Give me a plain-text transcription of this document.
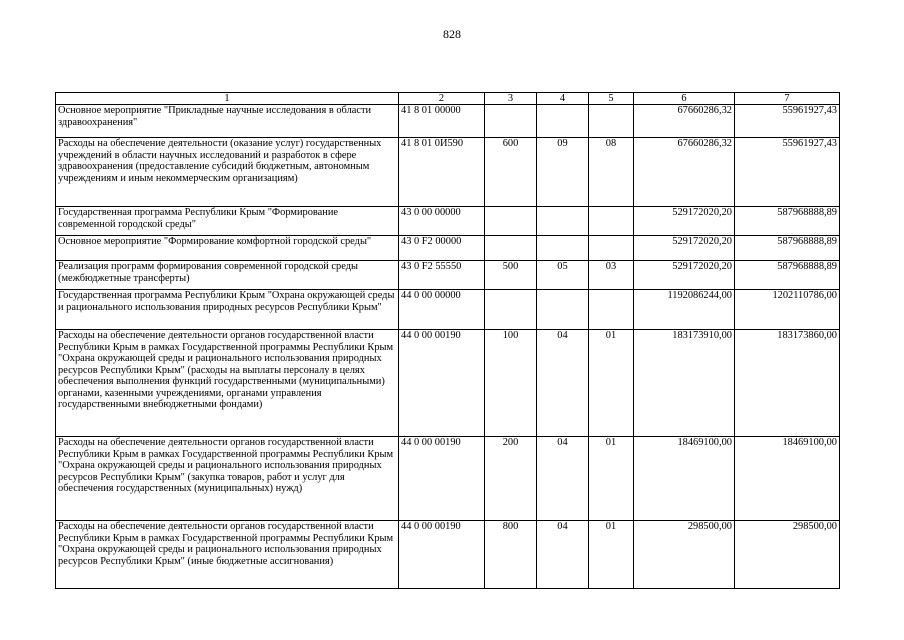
828
1	2	3	4	5	6	7
Основное мероприятие "Прикладные научные исследования в области здравоохранения"	41 8 01 00000				67660286,32	55961927,43
Расходы на обеспечение деятельности (оказание услуг) государственных учреждений в области научных исследований и разработок в сфере здравоохранения (предоставление субсидий бюджетным, автономным учреждениям и иным некоммерческим организациям)	41 8 01 0И590	600	09	08	67660286,32	55961927,43
Государственная программа Республики Крым "Формирование современной городской среды"	43 0 00 00000				529172020,20	587968888,89
Основное мероприятие "Формирование комфортной городской среды"	43 0 F2 00000				529172020,20	587968888,89
Реализация программ формирования современной городской среды (межбюджетные трансферты)	43 0 F2 55550	500	05	03	529172020,20	587968888,89
Государственная программа Республики Крым "Охрана окружающей среды и рационального использования природных ресурсов Республики Крым"	44 0 00 00000				1192086244,00	1202110786,00
Расходы на обеспечение деятельности органов государственной власти Республики Крым в рамках Государственной программы Республики Крым "Охрана окружающей среды и рационального использования природных ресурсов Республики Крым" (расходы на выплаты персоналу в целях обеспечения выполнения функций государственными (муниципальными) органами, казенными учреждениями, органами управления государственными внебюджетными фондами)	44 0 00 00190	100	04	01	183173910,00	183173860,00
Расходы на обеспечение деятельности органов государственной власти Республики Крым в рамках Государственной программы Республики Крым "Охрана окружающей среды и рационального использования природных ресурсов Республики Крым" (закупка товаров, работ и услуг для обеспечения государственных (муниципальных) нужд)	44 0 00 00190	200	04	01	18469100,00	18469100,00
Расходы на обеспечение деятельности органов государственной власти Республики Крым в рамках Государственной программы Республики Крым "Охрана окружающей среды и рационального использования природных ресурсов Республики Крым" (иные бюджетные ассигнования)	44 0 00 00190	800	04	01	298500,00	298500,00
